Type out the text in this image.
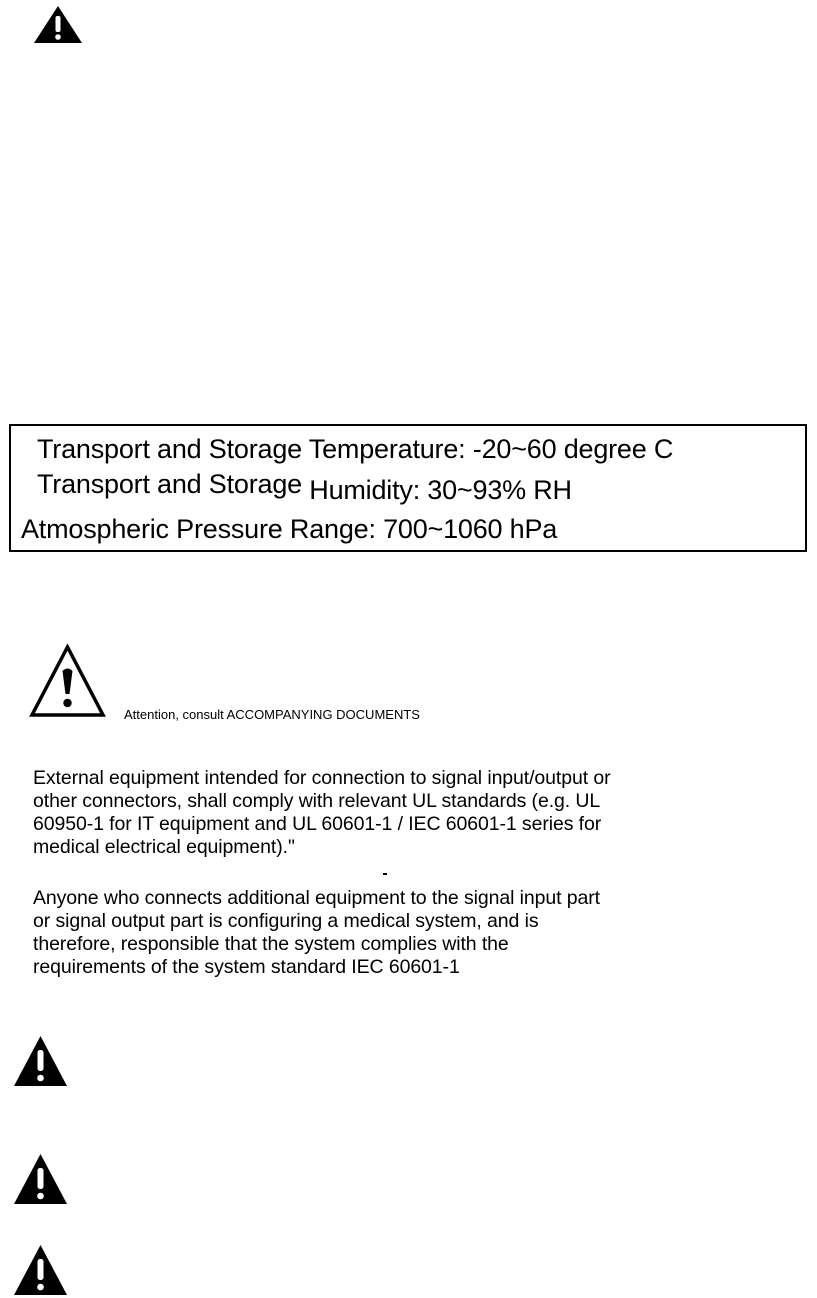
Transport and Storage Temperature: -20~60 degree C
Transport and Storage Humidity: 30~93% RH
Atmospheric Pressure Range: 700~1060 hPa
Attention, consult ACCOMPANYING DOCUMENTS
External equipment intended for connection to signal input/output or
other connectors, shall comply with relevant UL standards (e.g. UL
60950-1 for IT equipment and UL 60601-1 / IEC 60601-1 series for
medical electrical equipment)."
Anyone who connects additional equipment to the signal input part
or signal output part is configuring a medical system, and is
therefore, responsible that the system complies with the
requirements of the system standard IEC 60601-1
